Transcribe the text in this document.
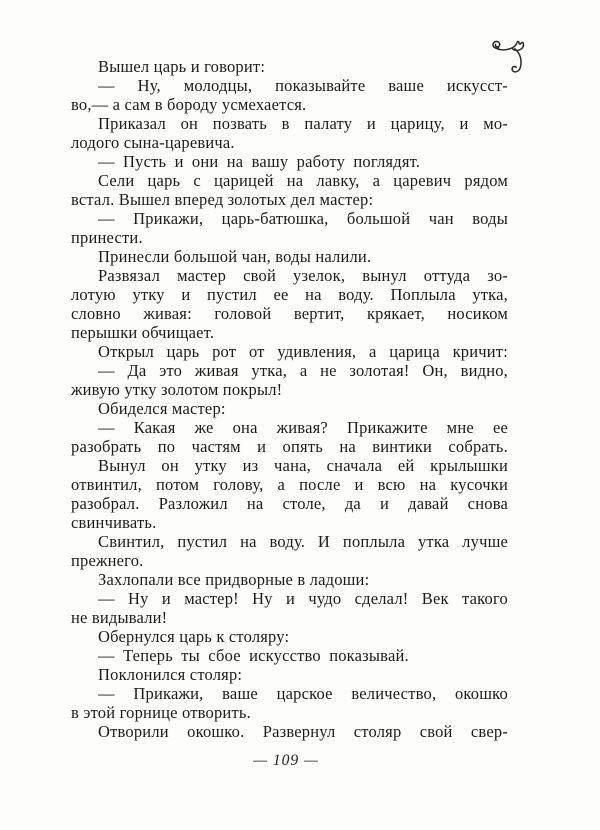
Вышел царь и говорит:
— Ну, молодцы, показывайте ваше искусст-
во,— а сам в бороду усмехается.
Приказал он позвать в палату и царицу, и мо-
лодого сына-царевича.
— Пусть и они на вашу работу поглядят.
Сели царь с царицей на лавку, а царевич рядом
встал. Вышел вперед золотых дел мастер:
— Прикажи, царь-батюшка, большой чан воды
принести.
Принесли большой чан, воды налили.
Развязал мастер свой узелок, вынул оттуда зо-
лотую утку и пустил ее на воду. Поплыла утка,
словно живая: головой вертит, крякает, носиком
перышки обчищает.
Открыл царь рот от удивления, а царица кричит:
— Да это живая утка, а не золотая! Он, видно,
живую утку золотом покрыл!
Обиделся мастер:
— Какая же она живая? Прикажите мне ее
разобрать по частям и опять на винтики собрать.
Вынул он утку из чана, сначала ей крылышки
отвинтил, потом голову, а после и всю на кусочки
разобрал. Разложил на столе, да и давай снова
свинчивать.
Свинтил, пустил на воду. И поплыла утка лучше
прежнего.
Захлопали все придворные в ладоши:
— Ну и мастер! Ну и чудо сделал! Век такого
не видывали!
Обернулся царь к столяру:
— Теперь ты сбое искусство показывай.
Поклонился столяр:
— Прикажи, ваше царское величество, окошко
в этой горнице отворить.
Отворили окошко. Развернул столяр свой свер-
— 109 —
